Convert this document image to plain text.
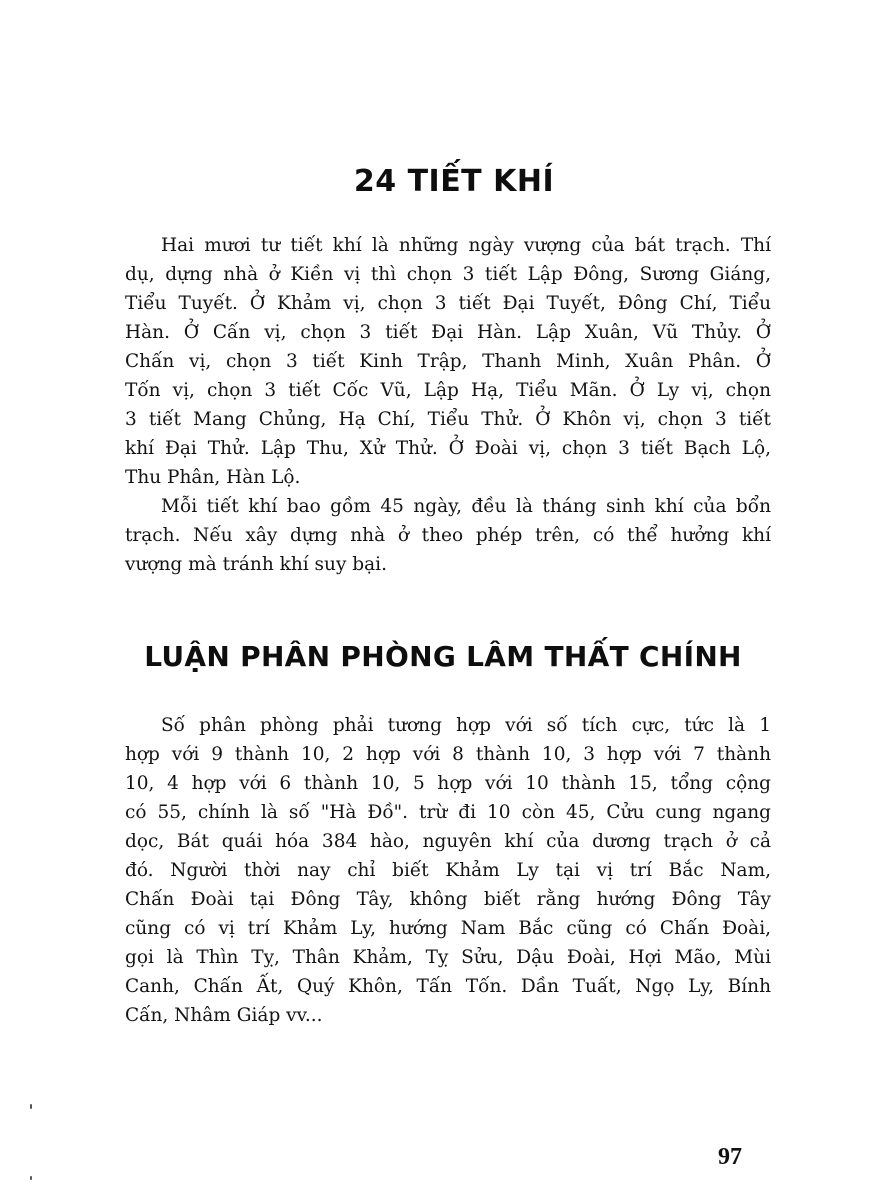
24 TIẾT KHÍ
Hai mươi tư tiết khí là những ngày vượng của bát trạch. Thí
dụ, dựng nhà ở Kiền vị thì chọn 3 tiết Lập Đông, Sương Giáng,
Tiểu Tuyết. Ở Khảm vị, chọn 3 tiết Đại Tuyết, Đông Chí, Tiểu
Hàn. Ở Cấn vị, chọn 3 tiết Đại Hàn. Lập Xuân, Vũ Thủy. Ở
Chấn vị, chọn 3 tiết Kinh Trập, Thanh Minh, Xuân Phân. Ở
Tốn vị, chọn 3 tiết Cốc Vũ, Lập Hạ, Tiểu Mãn. Ở Ly vị, chọn
3 tiết Mang Chủng, Hạ Chí, Tiểu Thử. Ở Khôn vị, chọn 3 tiết
khí Đại Thử. Lập Thu, Xử Thử. Ở Đoài vị, chọn 3 tiết Bạch Lộ,
Thu Phân, Hàn Lộ.
Mỗi tiết khí bao gồm 45 ngày, đều là tháng sinh khí của bổn
trạch. Nếu xây dựng nhà ở theo phép trên, có thể hưởng khí
vượng mà tránh khí suy bại.
LUẬN PHÂN PHÒNG LÂM THẤT CHÍNH
Số phân phòng phải tương hợp với số tích cực, tức là 1
hợp với 9 thành 10, 2 hợp với 8 thành 10, 3 hợp với 7 thành
10, 4 hợp với 6 thành 10, 5 hợp với 10 thành 15, tổng cộng
có 55, chính là số "Hà Đồ". trừ đi 10 còn 45, Cửu cung ngang
dọc, Bát quái hóa 384 hào, nguyên khí của dương trạch ở cả
đó. Người thời nay chỉ biết Khảm Ly tại vị trí Bắc Nam,
Chấn Đoài tại Đông Tây, không biết rằng hướng Đông Tây
cũng có vị trí Khảm Ly, hướng Nam Bắc cũng có Chấn Đoài,
gọi là Thìn Tỵ, Thân Khảm, Tỵ Sửu, Dậu Đoài, Hợi Mão, Mùi
Canh, Chấn Ất, Quý Khôn, Tấn Tốn. Dần Tuất, Ngọ Ly, Bính
Cấn, Nhâm Giáp vv...
97
